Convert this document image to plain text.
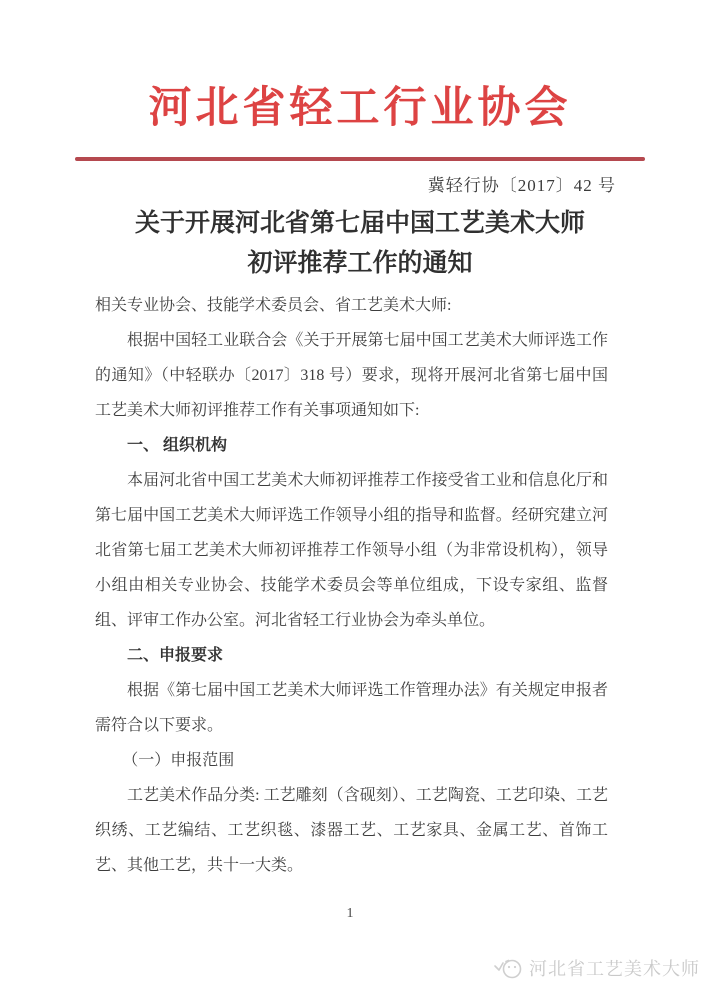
河北省轻工行业协会
冀轻行协〔2017〕42 号
关于开展河北省第七届中国工艺美术大师
初评推荐工作的通知
相关专业协会、技能学术委员会、省工艺美术大师:
根据中国轻工业联合会《关于开展第七届中国工艺美术大师评选工作的通知》（中轻联办〔2017〕318 号）要求，现将开展河北省第七届中国工艺美术大师初评推荐工作有关事项通知如下:
一、 组织机构
本届河北省中国工艺美术大师初评推荐工作接受省工业和信息化厅和第七届中国工艺美术大师评选工作领导小组的指导和监督。经研究建立河北省第七届工艺美术大师初评推荐工作领导小组（为非常设机构），领导小组由相关专业协会、技能学术委员会等单位组成，下设专家组、监督组、评审工作办公室。河北省轻工行业协会为牵头单位。
二、申报要求
根据《第七届中国工艺美术大师评选工作管理办法》有关规定申报者需符合以下要求。
（一）申报范围
工艺美术作品分类: 工艺雕刻（含砚刻）、工艺陶瓷、工艺印染、工艺织绣、工艺编结、工艺织毯、漆器工艺、工艺家具、金属工艺、首饰工艺、其他工艺，共十一大类。
1
河北省工艺美术大师
